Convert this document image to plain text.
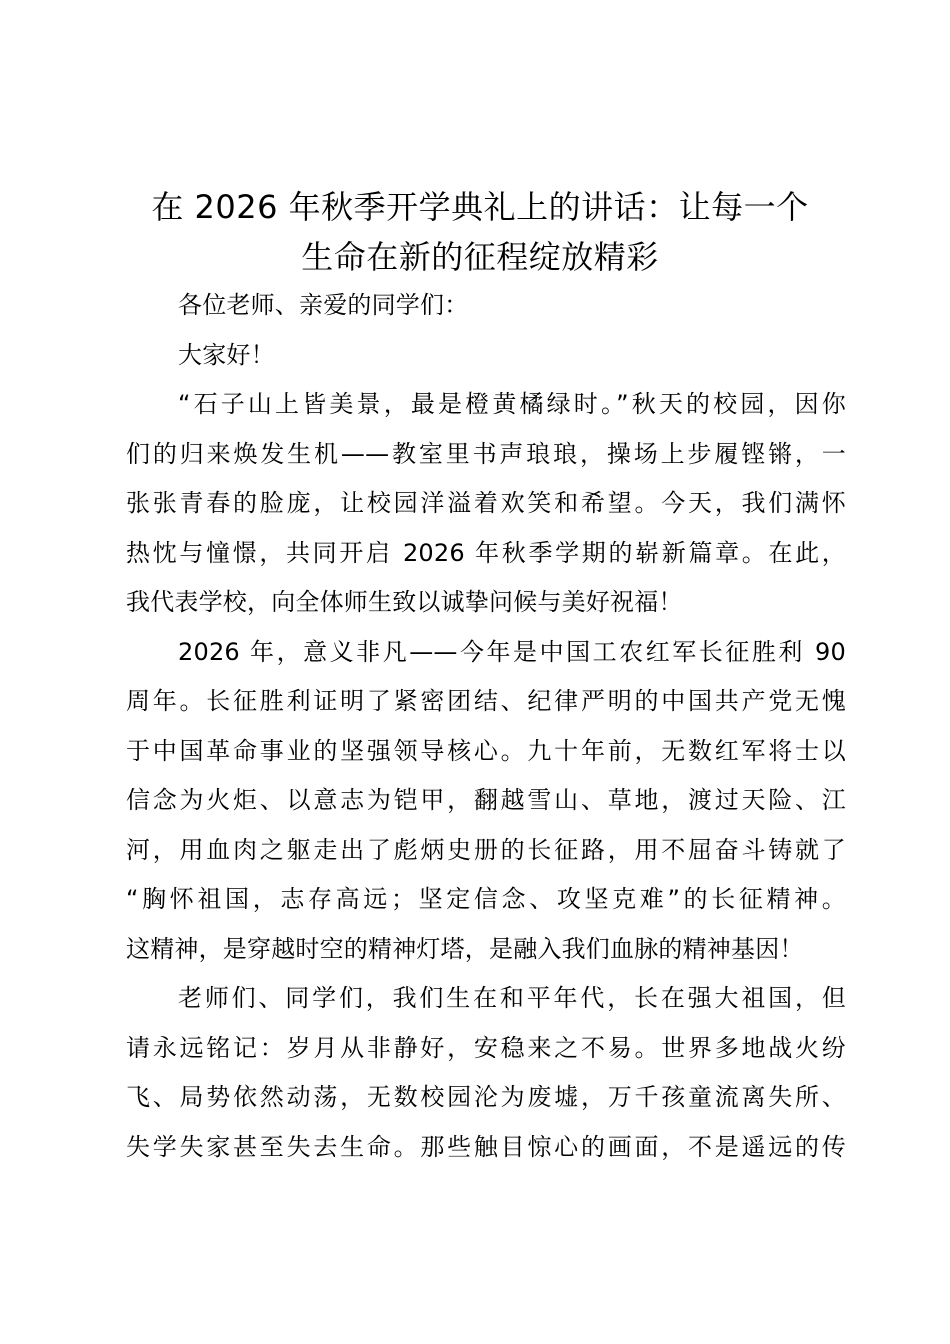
在 2026 年秋季开学典礼上的讲话：让每一个
生命在新的征程绽放精彩
各位老师、亲爱的同学们：
大家好！
“石子山上皆美景，最是橙黄橘绿时。”秋天的校园，因你
们的归来焕发生机——教室里书声琅琅，操场上步履铿锵，一
张张青春的脸庞，让校园洋溢着欢笑和希望。今天，我们满怀
热忱与憧憬，共同开启 2026 年秋季学期的崭新篇章。在此，
我代表学校，向全体师生致以诚挚问候与美好祝福！
2026 年，意义非凡——今年是中国工农红军长征胜利 90
周年。长征胜利证明了紧密团结、纪律严明的中国共产党无愧
于中国革命事业的坚强领导核心。九十年前，无数红军将士以
信念为火炬、以意志为铠甲，翻越雪山、草地，渡过天险、江
河，用血肉之躯走出了彪炳史册的长征路，用不屈奋斗铸就了
“胸怀祖国，志存高远；坚定信念、攻坚克难”的长征精神。
这精神，是穿越时空的精神灯塔，是融入我们血脉的精神基因！
老师们、同学们，我们生在和平年代，长在强大祖国，但
请永远铭记：岁月从非静好，安稳来之不易。世界多地战火纷
飞、局势依然动荡，无数校园沦为废墟，万千孩童流离失所、
失学失家甚至失去生命。那些触目惊心的画面，不是遥远的传
